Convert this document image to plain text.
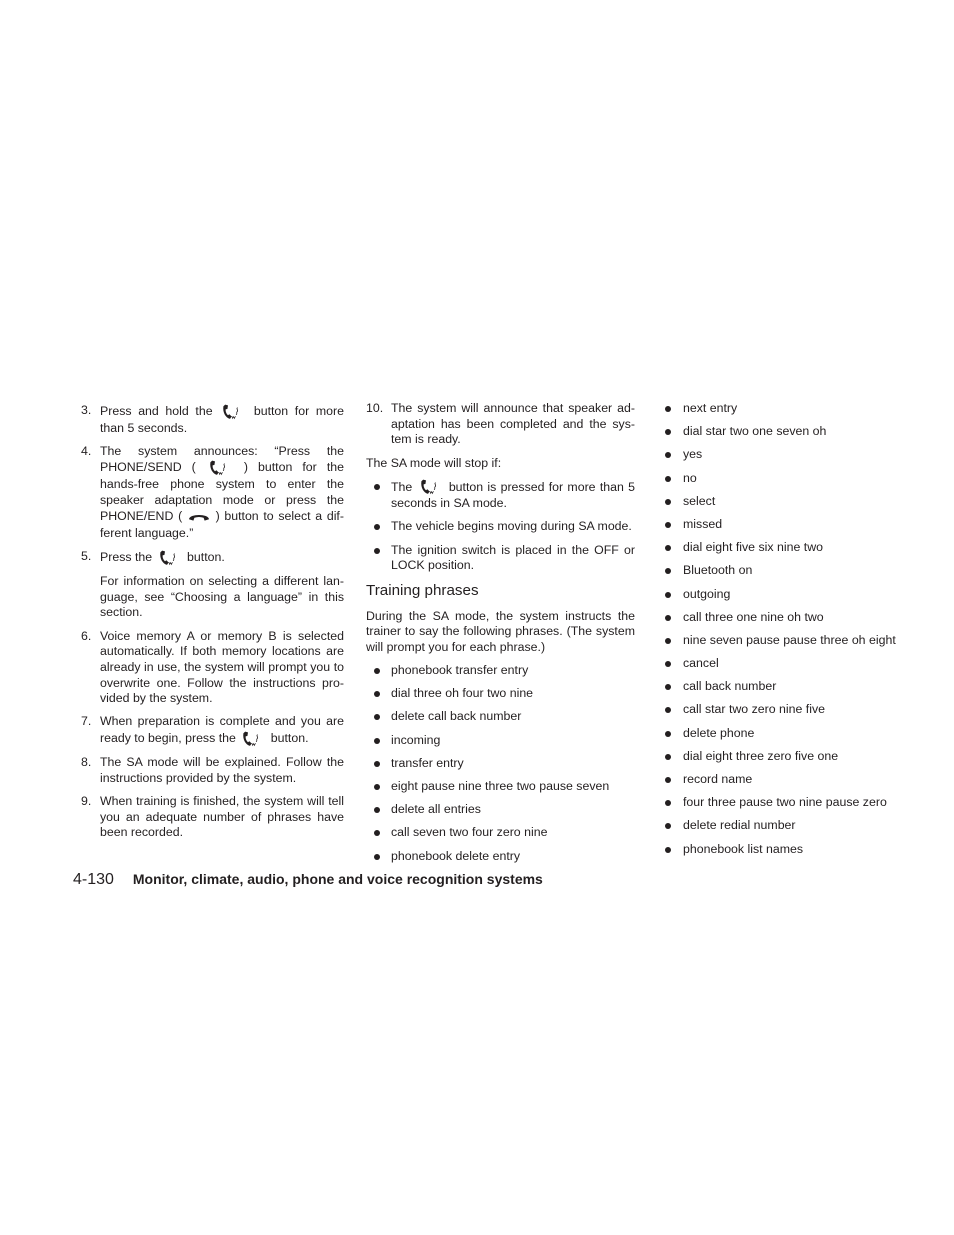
3. Press and hold the	button for more
than 5 seconds.
4. The system announces: “Press the
PHONE/SEND (	) button for the
hands-free phone system to enter the
speaker adaptation mode or press the
PHONE/END (	) button to select a dif-
ferent language.”
5. Press the	button.
For information on selecting a different lan-
guage, see “Choosing a language” in this
section.
6. Voice memory A or memory B is selected
automatically. If both memory locations are
already in use, the system will prompt you to
overwrite one. Follow the instructions pro-
vided by the system.
7. When preparation is complete and you are
ready to begin, press the	button.
8. The SA mode will be explained. Follow the
instructions provided by the system.
9. When training is finished, the system will tell
you an adequate number of phrases have
been recorded.
10. The system will announce that speaker ad-
aptation has been completed and the sys-
tem is ready.
The SA mode will stop if:
The	button is pressed for more than 5
seconds in SA mode.
The vehicle begins moving during SA mode.
The ignition switch is placed in the OFF or
LOCK position.
Training phrases
During the SA mode, the system instructs the
trainer to say the following phrases. (The system
will prompt you for each phrase.)
phonebook transfer entry
dial three oh four two nine
delete call back number
incoming
transfer entry
eight pause nine three two pause seven
delete all entries
call seven two four zero nine
phonebook delete entry
next entry
dial star two one seven oh
yes
no
select
missed
dial eight five six nine two
Bluetooth on
outgoing
call three one nine oh two
nine seven pause pause three oh eight
cancel
call back number
call star two zero nine five
delete phone
dial eight three zero five one
record name
four three pause two nine pause zero
delete redial number
phonebook list names
4-130 Monitor, climate, audio, phone and voice recognition systems
